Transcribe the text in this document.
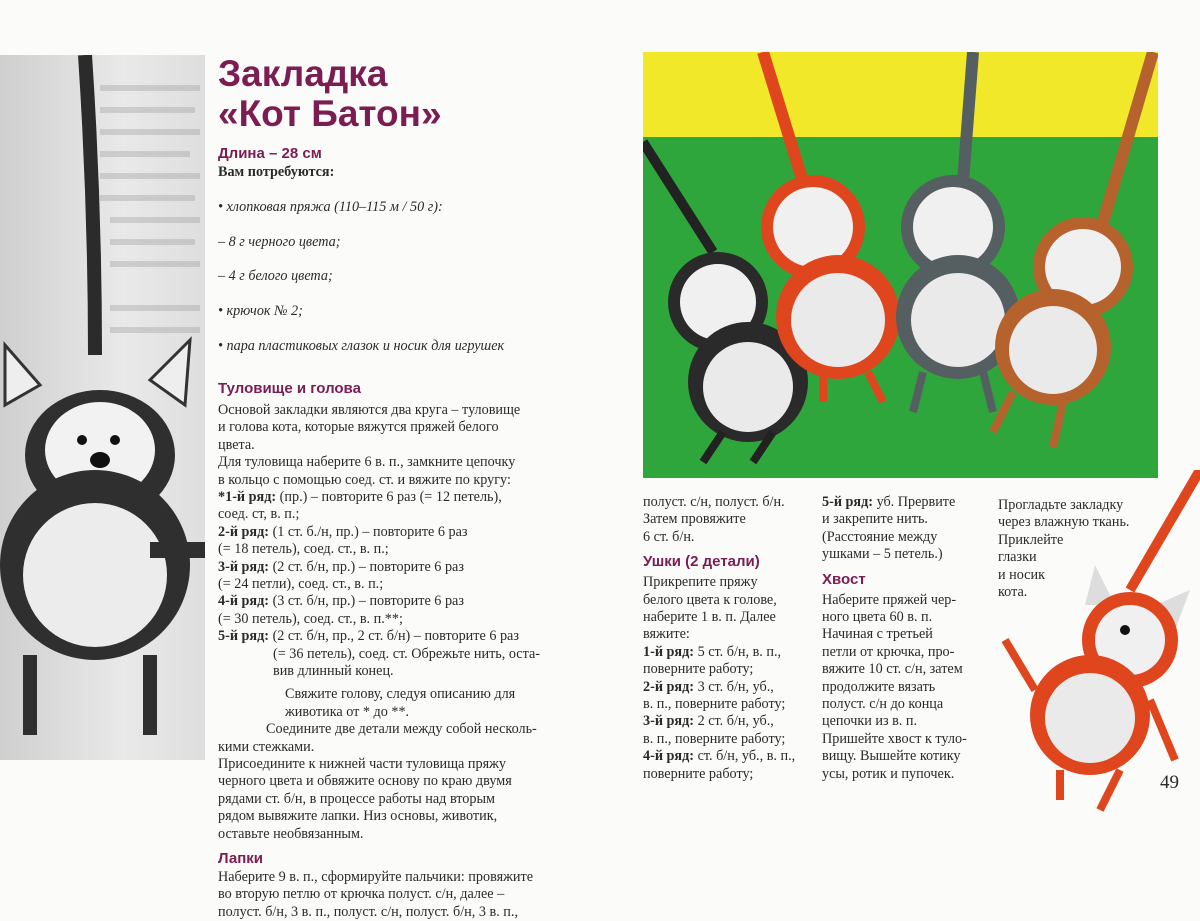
Закладка
«Кот Батон»
Длина – 28 см
Вам потребуются:

• хлопковая пряжа (110–115 м / 50 г):

– 8 г черного цвета;

– 4 г белого цвета;

• крючок № 2;

• пара пластиковых глазок и носик для игрушек

Туловище и голова
Основой закладки являются два круга – туловище
и голова кота, которые вяжутся пряжей белого
цвета.
Для туловища наберите 6 в. п., замкните цепочку
в кольцо с помощью соед. ст. и вяжите по кругу:
*1-й ряд: (пр.) – повторите 6 раз (= 12 петель),
соед. ст, в. п.;
2-й ряд: (1 ст. б./н, пр.) – повторите 6 раз
(= 18 петель), соед. ст., в. п.;
3-й ряд: (2 ст. б/н, пр.) – повторите 6 раз
(= 24 петли), соед. ст., в. п.;
4-й ряд: (3 ст. б/н, пр.) – повторите 6 раз
(= 30 петель), соед. ст., в. п.**;
5-й ряд: (2 ст. б/н, пр., 2 ст. б/н) – повторите 6 раз
(= 36 петель), соед. ст. Обрежьте нить, оста-
вив длинный конец.
Свяжите голову, следуя описанию для
животика от * до **.
Соедините две детали между собой несколь-
кими стежками.
Присоедините к нижней части туловища пряжу
черного цвета и обвяжите основу по краю двумя
рядами ст. б/н, в процессе работы над вторым
рядом вывяжите лапки. Низ основы, животик,
оставьте необвязанным.
Лапки
Наберите 9 в. п., сформируйте пальчики: провяжите
во вторую петлю от крючка полуст. с/н, далее –
полуст. б/н, 3 в. п., полуст. с/н, полуст. б/н, 3 в. п.,
полуст. с/н, полуст. б/н.
Затем провяжите
6 ст. б/н.
Ушки (2 детали)
Прикрепите пряжу
белого цвета к голове,
наберите 1 в. п. Далее
вяжите:
1-й ряд: 5 ст. б/н, в. п.,
поверните работу;
2-й ряд: 3 ст. б/н, уб.,
в. п., поверните работу;
3-й ряд: 2 ст. б/н, уб.,
в. п., поверните работу;
4-й ряд: ст. б/н, уб., в. п.,
поверните работу;
5-й ряд: уб. Прервите
и закрепите нить.
(Расстояние между
ушками – 5 петель.)
Хвост
Наберите пряжей чер-
ного цвета 60 в. п.
Начиная с третьей
петли от крючка, про-
вяжите 10 ст. с/н, затем
продолжите вязать
полуст. с/н до конца
цепочки из в. п.
Пришейте хвост к туло-
вищу. Вышейте котику
усы, ротик и пупочек.
Прогладьте закладку
через влажную ткань.
Приклейте
глазки
и носик
кота.
49
